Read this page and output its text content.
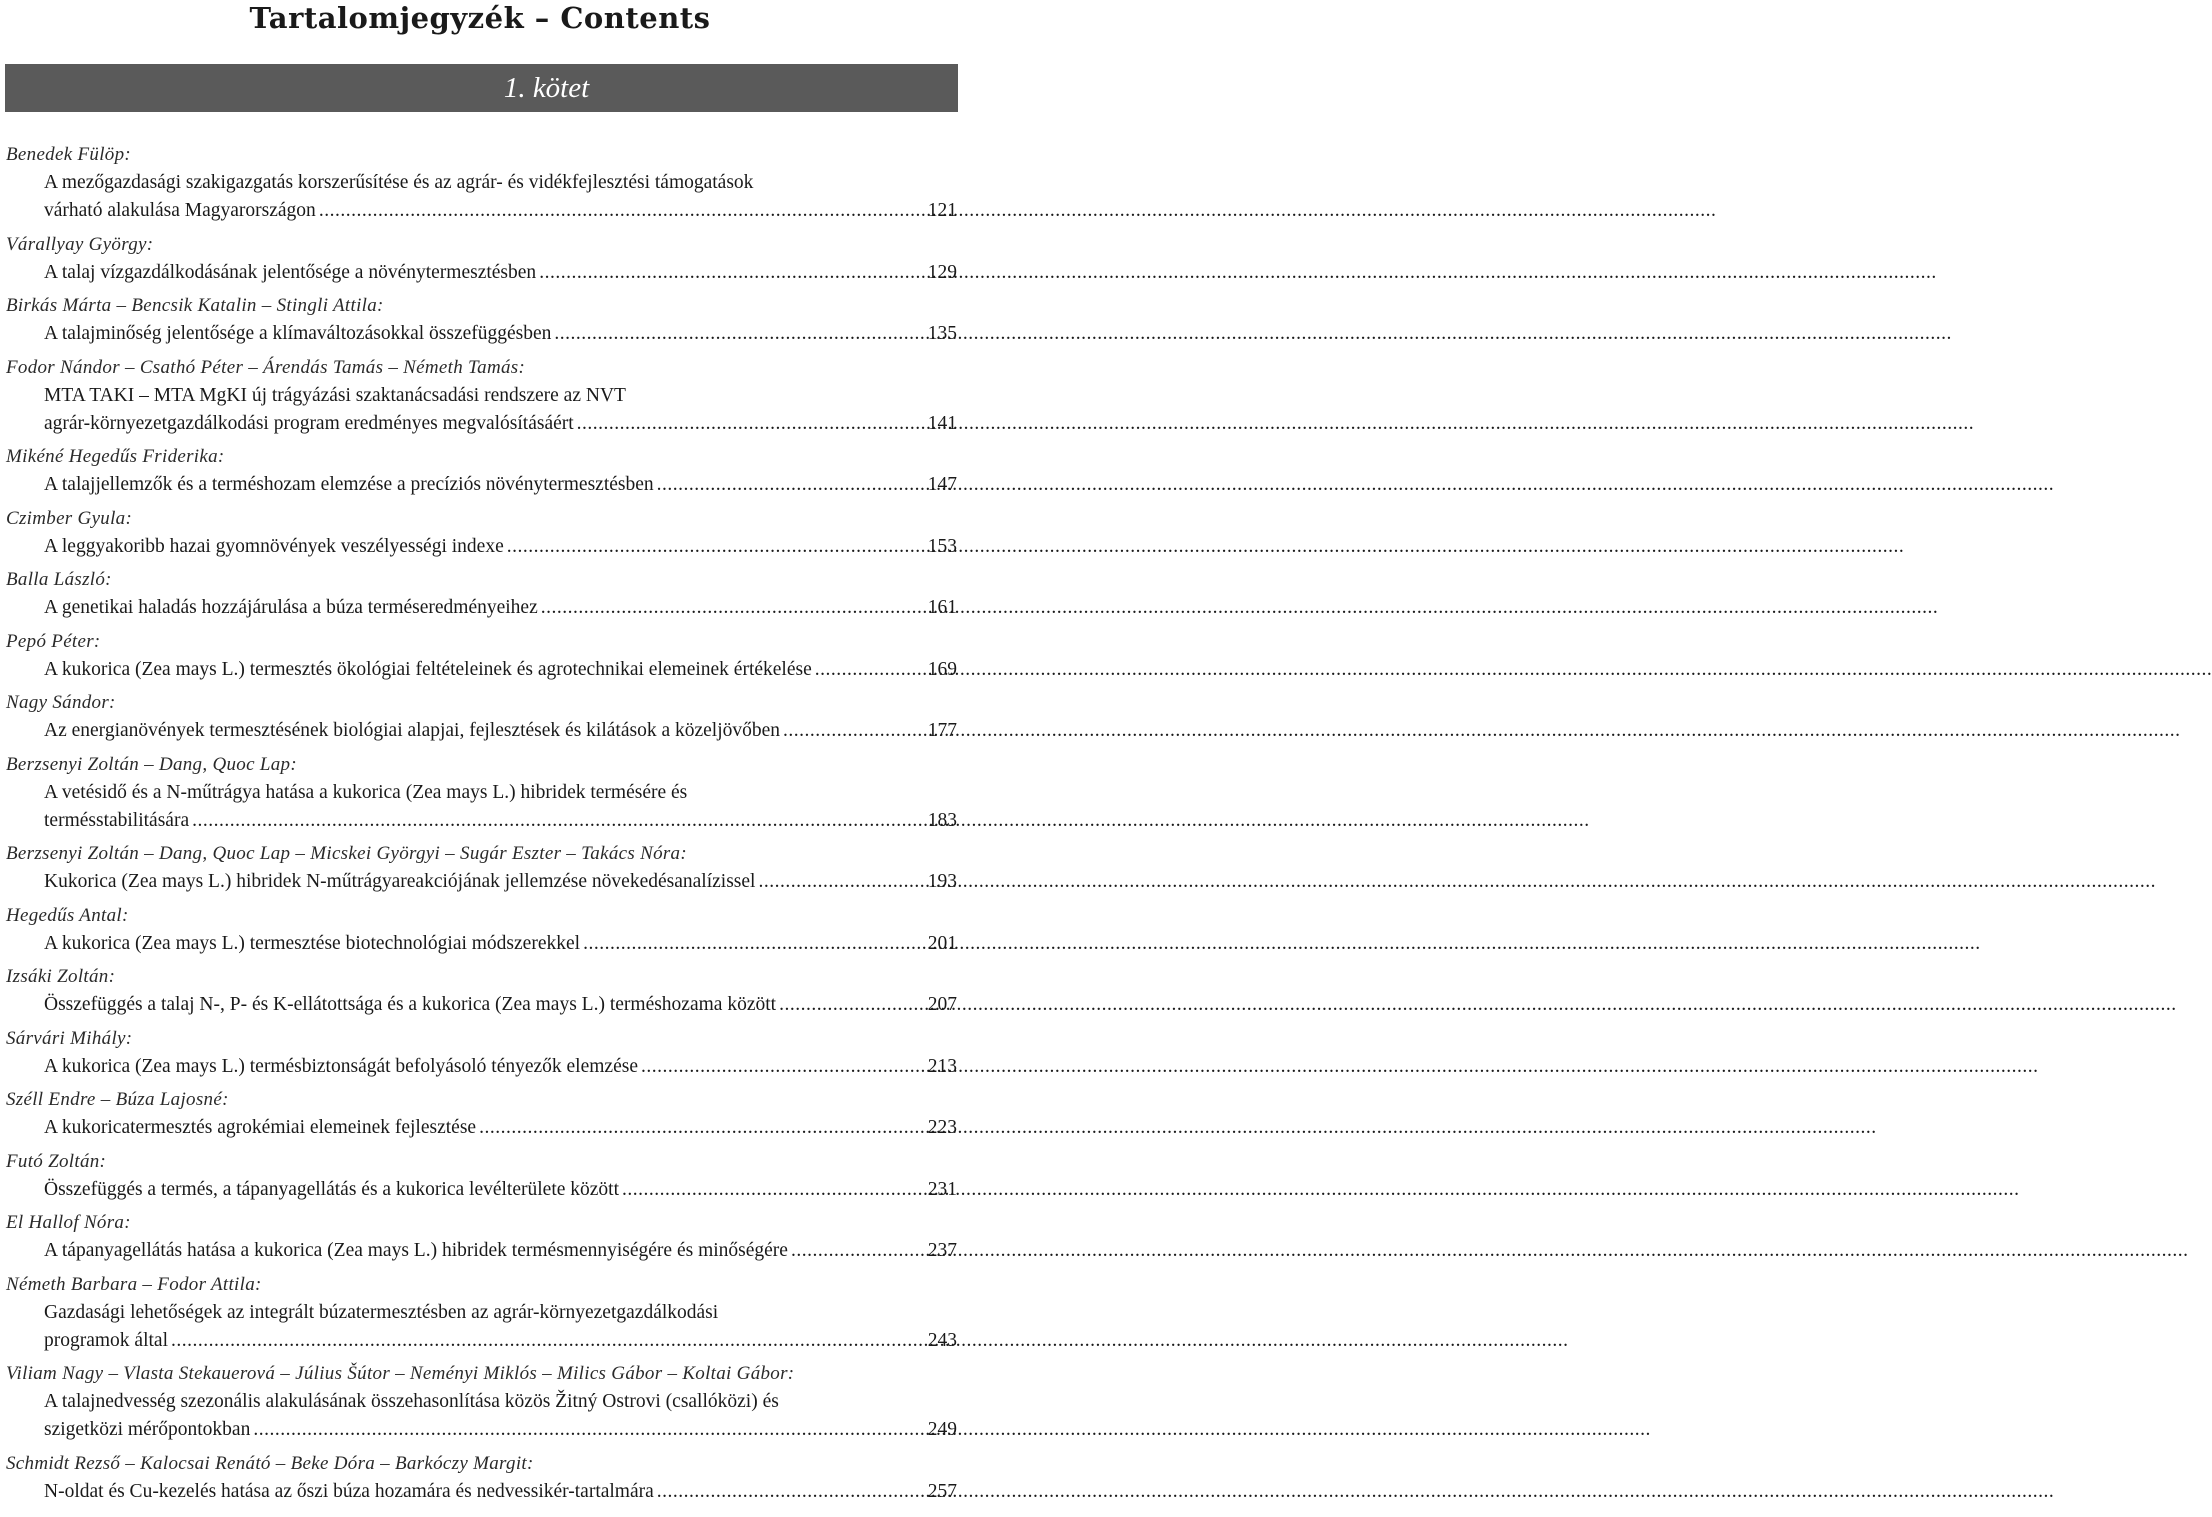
Tartalomjegyzék – Contents
1. kötet
Benedek Fülöp:
A mezőgazdasági szakigazgatás korszerűsítése és az agrár- és vidékfejlesztési támogatások
várható alakulása Magyarországon .....	121
Várallyay György:
A talaj vízgazdálkodásának jelentősége a növénytermesztésben .....	129
Birkás Márta – Bencsik Katalin – Stingli Attila:
A talajminőség jelentősége a klímaváltozásokkal összefüggésben .....	135
Fodor Nándor – Csathó Péter – Árendás Tamás – Németh Tamás:
MTA TAKI – MTA MgKI új trágyázási szaktanácsadási rendszere az NVT
agrár-környezetgazdálkodási program eredményes megvalósításáért .....	141
Mikéné Hegedűs Friderika:
A talajjellemzők és a terméshozam elemzése a precíziós növénytermesztésben .....	147
Czimber Gyula:
A leggyakoribb hazai gyomnövények veszélyességi indexe .....	153
Balla László:
A genetikai haladás hozzájárulása a búza terméseredményeihez .....	161
Pepó Péter:
A kukorica (Zea mays L.) termesztés ökológiai feltételeinek és agrotechnikai elemeinek értékelése .....	169
Nagy Sándor:
Az energianövények termesztésének biológiai alapjai, fejlesztések és kilátások a közeljövőben .....	177
Berzsenyi Zoltán – Dang, Quoc Lap:
A vetésidő és a N-műtrágya hatása a kukorica (Zea mays L.) hibridek termésére és
termésstabilitására .....	183
Berzsenyi Zoltán – Dang, Quoc Lap – Micskei Györgyi – Sugár Eszter – Takács Nóra:
Kukorica (Zea mays L.) hibridek N-műtrágyareakciójának jellemzése növekedésanalízissel .....	193
Hegedűs Antal:
A kukorica (Zea mays L.) termesztése biotechnológiai módszerekkel .....	201
Izsáki Zoltán:
Összefüggés a talaj N-, P- és K-ellátottsága és a kukorica (Zea mays L.) terméshozama között .....	207
Sárvári Mihály:
A kukorica (Zea mays L.) termésbiztonságát befolyásoló tényezők elemzése .....	213
Széll Endre – Búza Lajosné:
A kukoricatermesztés agrokémiai elemeinek fejlesztése .....	223
Futó Zoltán:
Összefüggés a termés, a tápanyagellátás és a kukorica levélterülete között .....	231
El Hallof Nóra:
A tápanyagellátás hatása a kukorica (Zea mays L.) hibridek termésmennyiségére és minőségére .....	237
Németh Barbara – Fodor Attila:
Gazdasági lehetőségek az integrált búzatermesztésben az agrár-környezetgazdálkodási
programok által .....	243
Viliam Nagy – Vlasta Stekauerová – Július Šútor – Neményi Miklós – Milics Gábor – Koltai Gábor:
A talajnedvesség szezonális alakulásának összehasonlítása közös Žitný Ostrovi (csallóközi) és
szigetközi mérőpontokban .....	249
Schmidt Rezső – Kalocsai Renátó – Beke Dóra – Barkóczy Margit:
N-oldat és Cu-kezelés hatása az őszi búza hozamára és nedvessikér-tartalmára .....	257
